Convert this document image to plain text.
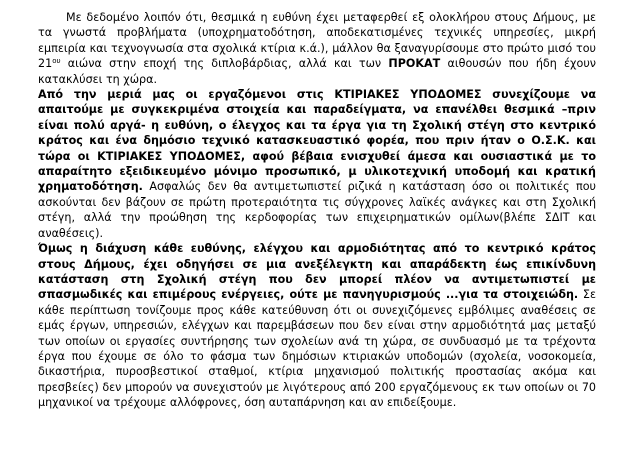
Με δεδομένο λοιπόν ότι, θεσμικά η ευθύνη έχει μεταφερθεί εξ ολοκλήρου στους Δήμους, με τα γνωστά προβλήματα (υποχρηματοδότηση, αποδεκατισμένες τεχνικές υπηρεσίες, μικρή εμπειρία και τεχνογνωσία στα σχολικά κτίρια κ.ά.), μάλλον θα ξαναγυρίσουμε στο πρώτο μισό του $21^{o\upsilon}$ αιώνα στην εποχή της διπλοβάρδιας, αλλά και των ΠΡΟΚΑΤ αιθουσών που ήδη έχουν κατακλύσει τη χώρα.

Από την μεριά μας οι εργαζόμενοι στις ΚΤΙΡΙΑΚΕΣ ΥΠΟΔΟΜΕΣ συνεχίζουμε να απαιτούμε με συγκεκριμένα στοιχεία και παραδείγματα, να επανέλθει θεσμικά –πριν είναι πολύ αργά- η ευθύνη, ο έλεγχος και τα έργα για τη Σχολική στέγη στο κεντρικό κράτος και ένα δημόσιο τεχνικό κατασκευαστικό φορέα, που πριν ήταν ο Ο.Σ.Κ. και τώρα οι ΚΤΙΡΙΑΚΕΣ ΥΠΟΔΟΜΕΣ, αφού βέβαια ενισχυθεί άμεσα και ουσιαστικά με το απαραίτητο εξειδικευμένο μόνιμο προσωπικό, μ υλικοτεχνική υποδομή και κρατική χρηματοδότηση. Ασφαλώς δεν θα αντιμετωπιστεί ριζικά η κατάσταση όσο οι πολιτικές που ασκούνται δεν βάζουν σε πρώτη προτεραιότητα τις σύγχρονες λαϊκές ανάγκες και στη Σχολική στέγη, αλλά την προώθηση της κερδοφορίας των επιχειρηματικών ομίλων(βλέπε ΣΔΙΤ και αναθέσεις).

Όμως η διάχυση κάθε ευθύνης, ελέγχου και αρμοδιότητας από το κεντρικό κράτος στους Δήμους, έχει οδηγήσει σε μια ανεξέλεγκτη και απαράδεκτη έως επικίνδυνη κατάσταση στη Σχολική στέγη που δεν μπορεί πλέον να αντιμετωπιστεί με σπασμωδικές και επιμέρους ενέργειες, ούτε με πανηγυρισμούς ...για τα στοιχειώδη. Σε κάθε περίπτωση τονίζουμε προς κάθε κατεύθυνση ότι οι συνεχιζόμενες εμβόλιμες αναθέσεις σε εμάς έργων, υπηρεσιών, ελέγχων και παρεμβάσεων που δεν είναι στην αρμοδιότητά μας μεταξύ των οποίων οι εργασίες συντήρησης των σχολείων ανά τη χώρα, σε συνδυασμό με τα τρέχοντα έργα που έχουμε σε όλο το φάσμα των δημόσιων κτιριακών υποδομών (σχολεία, νοσοκομεία, δικαστήρια, πυροσβεστικοί σταθμοί, κτίρια μηχανισμού πολιτικής προστασίας ακόμα και πρεσβείες) δεν μπορούν να συνεχιστούν με λιγότερους από 200 εργαζόμενους εκ των οποίων οι 70 μηχανικοί να τρέχουμε αλλόφρονες, όση αυταπάρνηση και αν επιδείξουμε.
